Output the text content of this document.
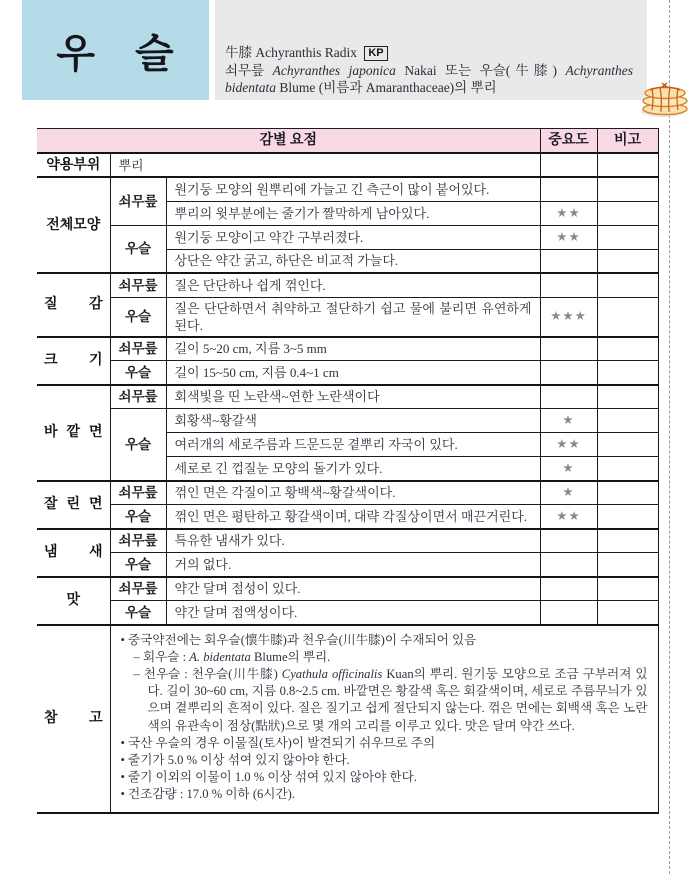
우 슬	牛膝 Achyranthis Radix KP
쇠무릎 Achyranthes japonica Nakai 또는 우슬(牛膝) Achyranthes bidentata Blume (비름과 Amaranthaceae)의 뿌리
감별 요점			중요도	비고
약용부위	뿌리			
전체모양	쇠무릎	원기둥 모양의 원뿌리에 가늘고 긴 측근이 많이 붙어있다.		
		뿌리의 윗부분에는 줄기가 짤막하게 남아있다.	★★	
	우슬	원기둥 모양이고 약간 구부러졌다.	★★	
		상단은 약간 굵고, 하단은 비교적 가늘다.		
질 감	쇠무릎	질은 단단하나 쉽게 꺾인다.		
	우슬	질은 단단하면서 취약하고 절단하기 쉽고 물에 불리면 유연하게 된다.	★★★	
크 기	쇠무릎	길이 5~20 cm, 지름 3~5 mm		
	우슬	길이 15~50 cm, 지름 0.4~1 cm		
바 깥 면	쇠무릎	회색빛을 띤 노란색~연한 노란색이다		
	우슬	회황색~황갈색	★	
		여러개의 세로주름과 드문드문 곁뿌리 자국이 있다.	★★	
		세로로 긴 껍질눈 모양의 돌기가 있다.	★	
잘 린 면	쇠무릎	꺾인 면은 각질이고 황백색~황갈색이다.	★	
	우슬	꺾인 면은 평탄하고 황갈색이며, 대략 각질상이면서 매끈거린다.	★★	
냄 새	쇠무릎	특유한 냄새가 있다.		
	우슬	거의 없다.		
맛	쇠무릎	약간 달며 점성이 있다.		
	우슬	약간 달며 점액성이다.		
참 고	
• 중국약전에는 회우슬(懷牛膝)과 천우슬(川牛膝)이 수재되어 있음
– 회우슬 : A. bidentata Blume의 뿌리.
– 천우슬 : 천우슬(川牛膝) Cyathula officinalis Kuan의 뿌리. 원기둥 모양으로 조금 구부러져 있다. 길이 30~60 cm, 지름 0.8~2.5 cm. 바깥면은 황갈색 혹은 회갈색이며, 세로로 주름무늬가 있으며 곁뿌리의 흔적이 있다. 질은 질기고 쉽게 절단되지 않는다. 꺾은 면에는 회백색 혹은 노란색의 유관속이 점상(點狀)으로 몇 개의 고리를 이루고 있다. 맛은 달며 약간 쓰다.
• 국산 우슬의 경우 이물질(토사)이 발견되기 쉬우므로 주의
• 줄기가 5.0 % 이상 섞여 있지 않아야 한다.
• 줄기 이외의 이물이 1.0 % 이상 섞여 있지 않아야 한다.
• 건조감량 : 17.0 % 이하 (6시간).
